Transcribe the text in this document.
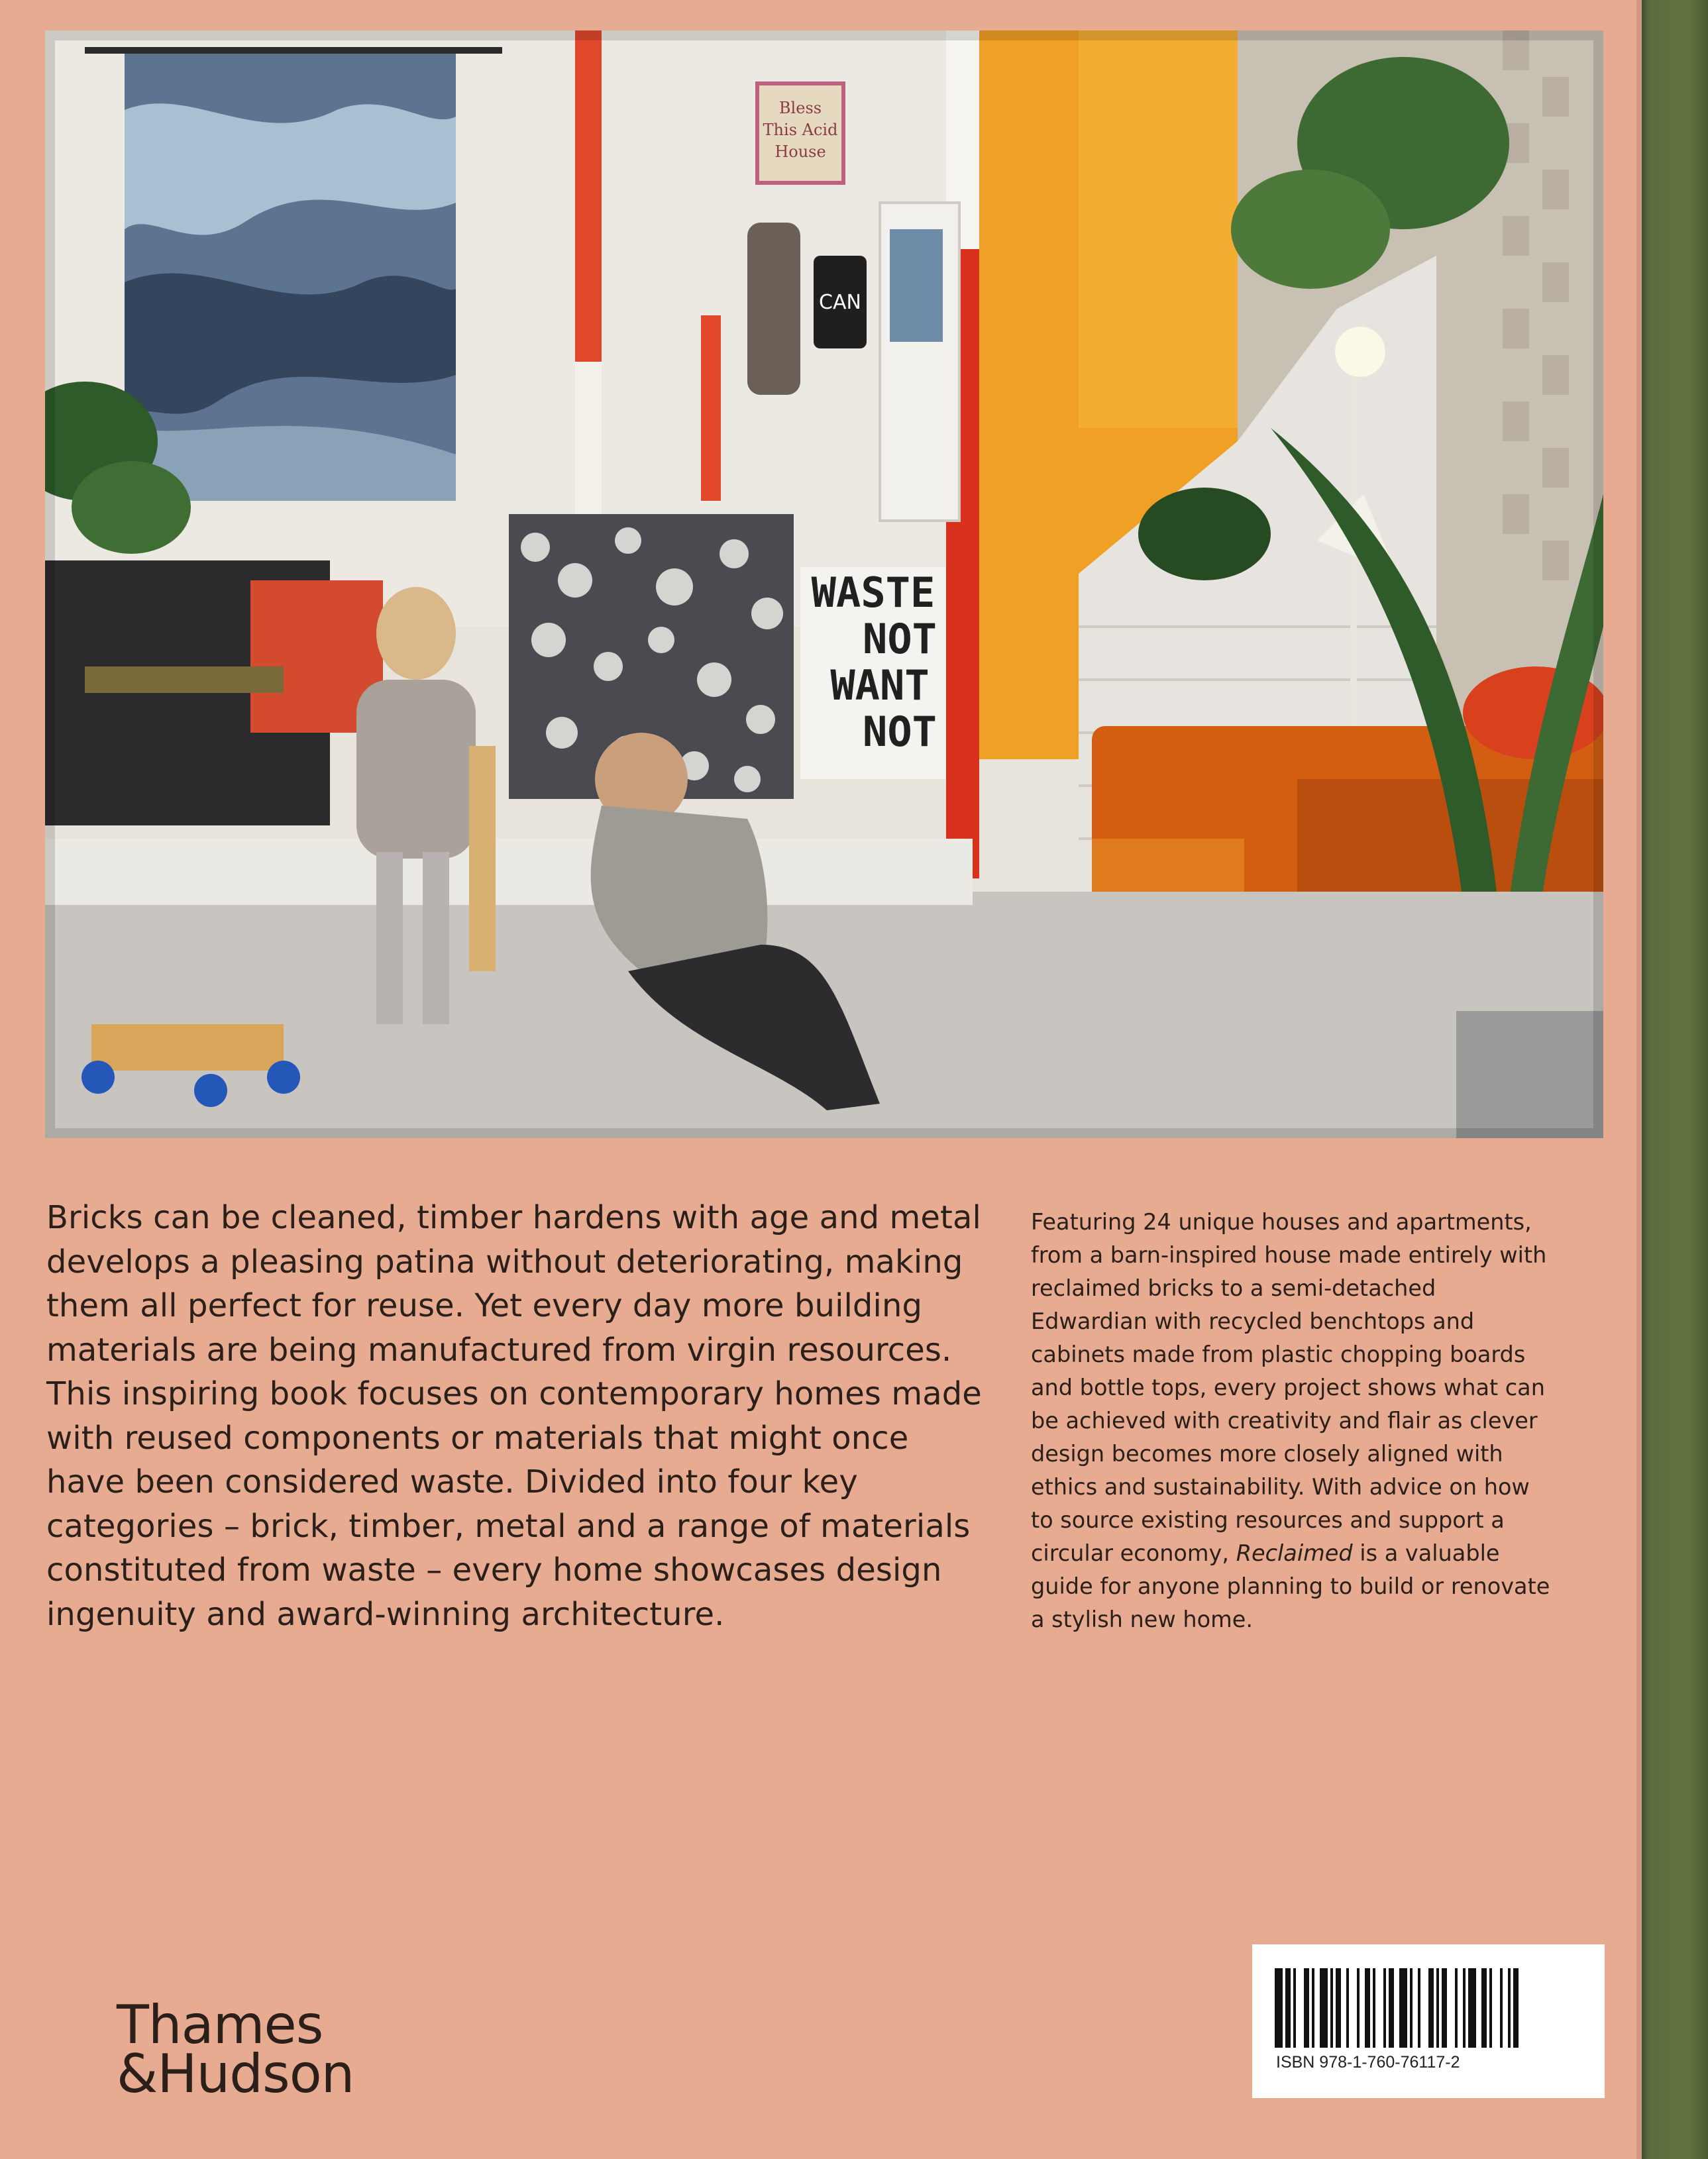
Bless
This Acid
House
CAN
WASTE
NOT
WANT
NOT

Bricks can be cleaned, timber hardens with age and metal develops a pleasing patina without deteriorating, making them all perfect for reuse. Yet every day more building materials are being manufactured from virgin resources. This inspiring book focuses on contemporary homes made with reused components or materials that might once have been considered waste. Divided into four key categories – brick, timber, metal and a range of materials constituted from waste – every home showcases design ingenuity and award-winning architecture.

Featuring 24 unique houses and apartments, from a barn-inspired house made entirely with reclaimed bricks to a semi-detached Edwardian with recycled benchtops and cabinets made from plastic chopping boards and bottle tops, every project shows what can be achieved with creativity and flair as clever design becomes more closely aligned with ethics and sustainability. With advice on how to source existing resources and support a circular economy, Reclaimed is a valuable guide for anyone planning to build or renovate a stylish new home.

Thames
&Hudson	ISBN 978-1-760-76117-2
